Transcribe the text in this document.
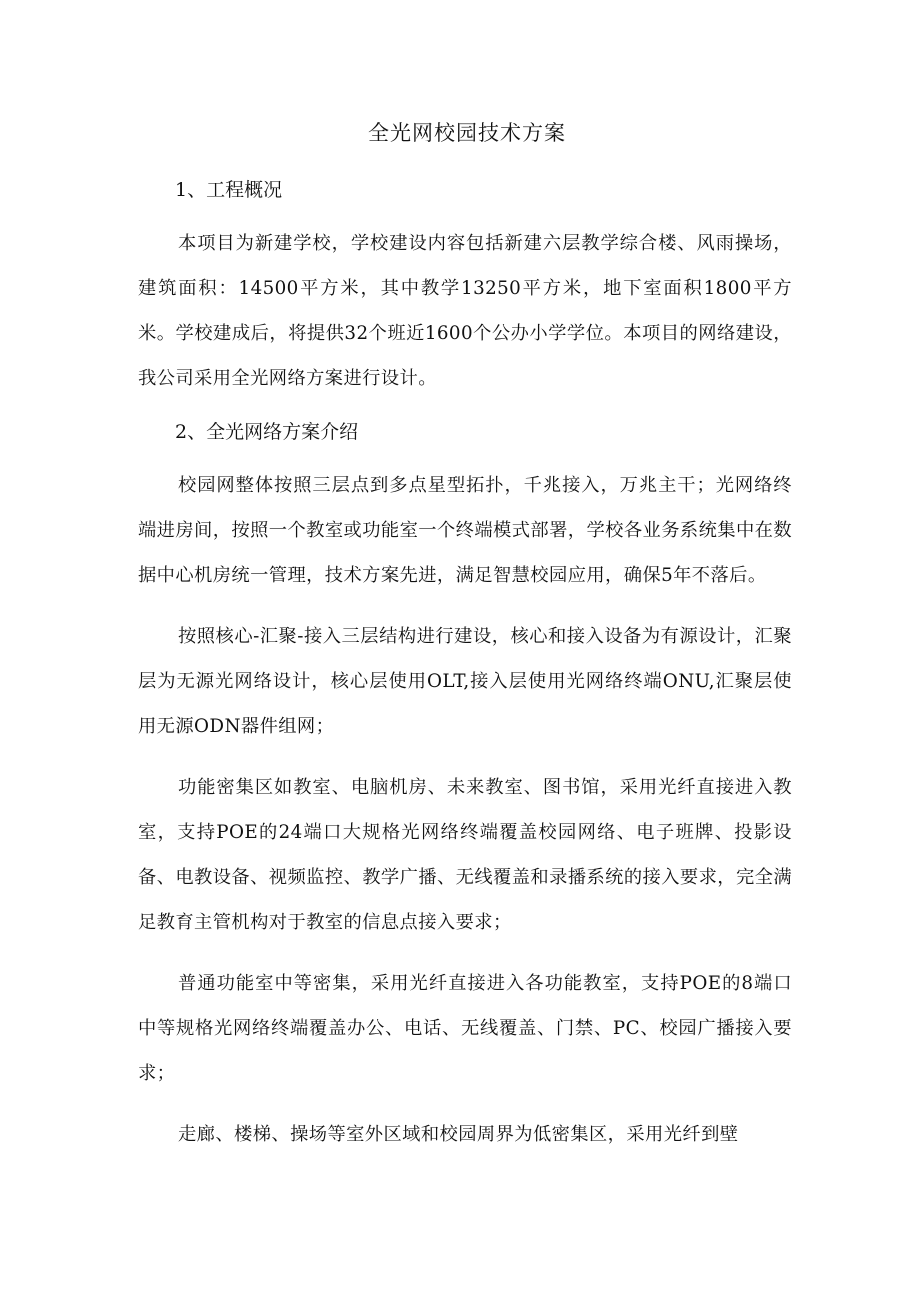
全光网校园技术方案
1、工程概况

本项目为新建学校，学校建设内容包括新建六层教学综合楼、风雨操场，建筑面积：14500平方米，其中教学13250平方米，地下室面积1800平方米。学校建成后，将提供32个班近1600个公办小学学位。本项目的网络建设，我公司采用全光网络方案进行设计。

2、全光网络方案介绍

校园网整体按照三层点到多点星型拓扑，千兆接入，万兆主干；光网络终端进房间，按照一个教室或功能室一个终端模式部署，学校各业务系统集中在数据中心机房统一管理，技术方案先进，满足智慧校园应用，确保5年不落后。

按照核心-汇聚-接入三层结构进行建设，核心和接入设备为有源设计，汇聚层为无源光网络设计，核心层使用OLT,接入层使用光网络终端ONU,汇聚层使用无源ODN器件组网；

功能密集区如教室、电脑机房、未来教室、图书馆，采用光纤直接进入教室，支持POE的24端口大规格光网络终端覆盖校园网络、电子班牌、投影设备、电教设备、视频监控、教学广播、无线覆盖和录播系统的接入要求，完全满足教育主管机构对于教室的信息点接入要求；

普通功能室中等密集，采用光纤直接进入各功能教室，支持POE的8端口中等规格光网络终端覆盖办公、电话、无线覆盖、门禁、PC、校园广播接入要求；

走廊、楼梯、操场等室外区域和校园周界为低密集区，采用光纤到壁
